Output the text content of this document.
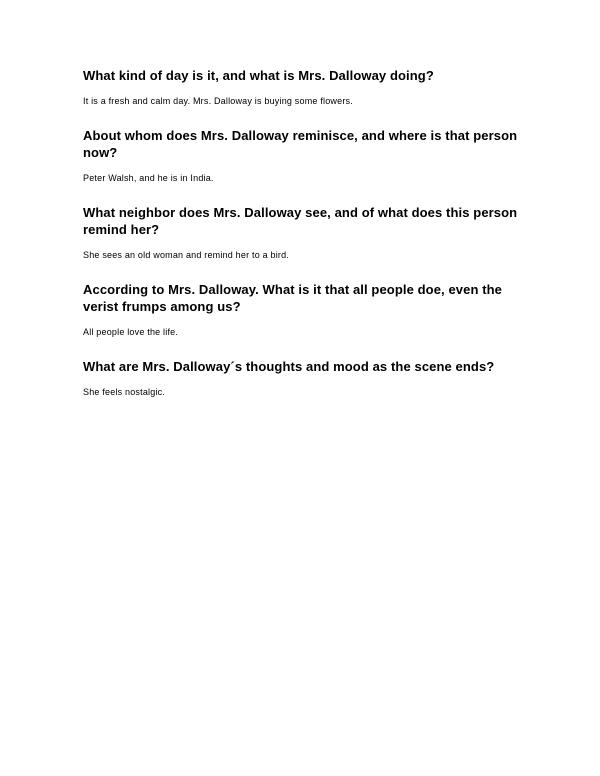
What kind of day is it, and what is Mrs. Dalloway doing?

It is a fresh and calm day. Mrs. Dalloway is buying some flowers.

About whom does Mrs. Dalloway reminisce, and where is that person now?

Peter Walsh, and he is in India.

What neighbor does Mrs. Dalloway see, and of what does this person remind her?

She sees an old woman and remind her to a bird.

According to Mrs. Dalloway. What is it that all people doe, even the verist frumps among us?

All people love the life.

What are Mrs. Dalloway´s thoughts and mood as the scene ends?

She feels nostalgic.
